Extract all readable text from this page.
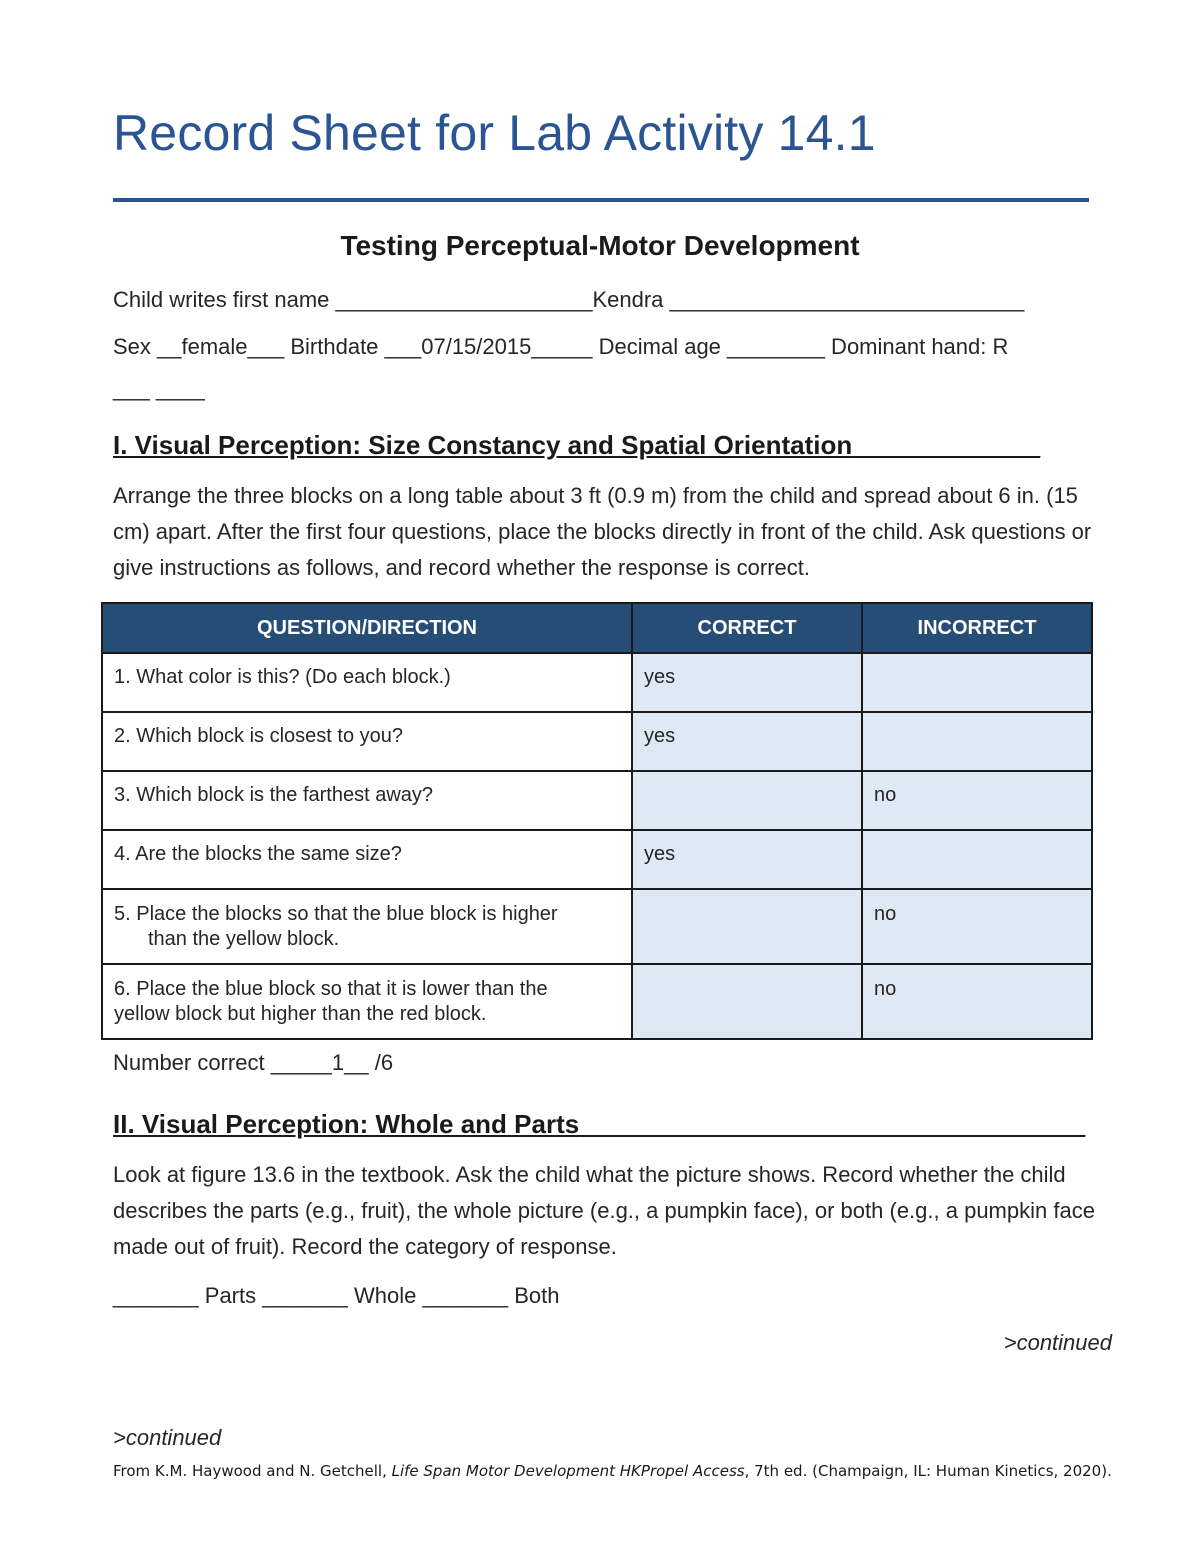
Record Sheet for Lab Activity 14.1
Testing Perceptual-Motor Development
Child writes first name _____________________Kendra _____________________________
Sex __female___ Birthdate ___07/15/2015_____ Decimal age ________ Dominant hand: R
___ ____
I. Visual Perception: Size Constancy and Spatial Orientation_____________
Arrange the three blocks on a long table about 3 ft (0.9 m) from the child and spread about 6 in. (15 cm) apart. After the first four questions, place the blocks directly in front of the child. Ask questions or give instructions as follows, and record whether the response is correct.
QUESTION/DIRECTION	CORRECT	INCORRECT
1. What color is this? (Do each block.)	yes	
2. Which block is closest to you?	yes	
3. Which block is the farthest away?		no
4. Are the blocks the same size?	yes	
5. Place the blocks so that the blue block is higher
than the yellow block.		no
6. Place the blue block so that it is lower than the
yellow block but higher than the red block.		no
Number correct _____1__ /6
II. Visual Perception: Whole and Parts___________________________________
Look at figure 13.6 in the textbook. Ask the child what the picture shows. Record whether the child describes the parts (e.g., fruit), the whole picture (e.g., a pumpkin face), or both (e.g., a pumpkin face made out of fruit). Record the category of response.
_______ Parts _______ Whole _______ Both
>continued
>continued
From K.M. Haywood and N. Getchell, Life Span Motor Development HKPropel Access, 7th ed. (Champaign, IL: Human Kinetics, 2020).
